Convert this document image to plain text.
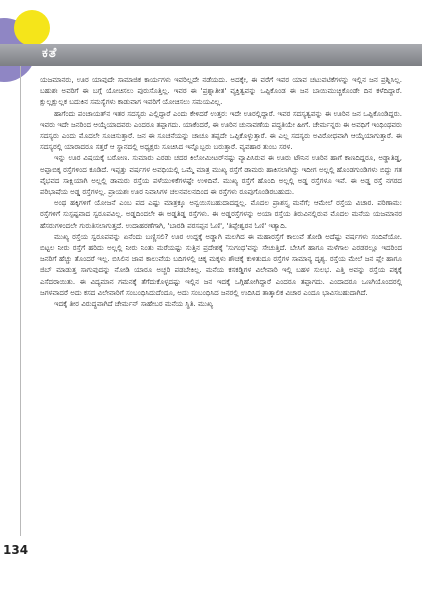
ಕತೆ

ಯಜಮಾನರು, ಊರ ಯಾವುದೇ ಸಾಮಾಜಿಕ ಕಾರ್ಯಗಳು ಇವರಿಲ್ಲದೇ ನಡೆಯದು. ಅದಕ್ಕೇ, ಈ ವರೆಗೆ ಇವರ ಯಾವ ಚಟುವಟಿಕೆಗಳನ್ನು ಇಲ್ಲಿನ ಜನ ಪ್ರಶ್ನಿಸಿಲ್ಲ. ಬಹುಶಃ ಅವರಿಗೆ ಈ ಬಗ್ಗೆ ಯೋಚಿಸಲು ಪುರುಸೊತ್ತಿಲ್ಲ. ಇವರ ಈ 'ಪ್ರಶ್ನಾತೀತ' ವ್ಯಕ್ತಿತ್ವವನ್ನು ಒಪ್ಪಿಕೊಂಡ ಈ ಜನ ಬಾಯಿಮುಚ್ಚಿಕೊಂಡೇ ದಿನ ಕಳೆದಿದ್ದಾರೆ. ಕ್ಷುಲ್ಲಕ್ಷುಲ್ಲಕ ಬದುಕಿನ ಸಮಸ್ಯೆಗಳು ಕಾಡುವಾಗ ಇವರಿಗೆ ಯೋಚಿಸಲು ಸಮಯವಿಲ್ಲ.

ಹಾಗೆಂದು ಪಂಚಾಯತ್‌ನ ಇತರ ಸದಸ್ಯರು ಎಲ್ಲಿದ್ದಾರೆ ಎಂದು ಕೇಳಿದರೆ ಉತ್ತರ: ಇದೇ ಊರಲ್ಲಿದ್ದಾರೆ. ಇವರ ಸದಸ್ಯತ್ವವನ್ನು ಈ ಊರಿನ ಜನ ಒಪ್ಪಿಕೊಂಡಿದ್ದರು. ಇವರು ಇದೇ ಜನರಿಂದ ಆಯ್ಕೆಯಾದವರು ಎಂದರೂ ತಪ್ಪಾಗದು. ಯಾಕೆಂದರೆ, ಈ ಊರಿನ ಚುನಾವಣೆಯ ಪದ್ಧತಿಯೇ ಹೀಗೆ. ಚೇರ್ಮನ್ನರು ಈ ಅವಧಿಗೆ ಇಂಥಿಂಥವರು ಸದಸ್ಯರು ಎಂದು ಮೊದಲೇ ಸೂಚಿಸುತ್ತಾರೆ. ಜನ ಈ ಸೂಚನೆಯನ್ನು ಚಾಚೂ ತಪ್ಪದೇ ಒಪ್ಪಿಕೊಳ್ಳುತ್ತಾರೆ. ಈ ಎಲ್ಲ ಸದಸ್ಯರು ಅವಿರೋಧವಾಗಿ ಆಯ್ಕೆಯಾಗುತ್ತಾರೆ. ಈ ಸದಸ್ಯರಲ್ಲಿ ಯಾರಾದರೂ ಸತ್ತರೆ ಆ ಸ್ಥಾನದಲ್ಲಿ ಅಧ್ಯಕ್ಷರು ಸೂಚಿಸಿದ ಇನ್ನೊಬ್ಬರು ಬರುತ್ತಾರೆ. ವ್ಯವಹಾರ ತುಂಬ ಸರಳ.

ಇನ್ನು ಊರ ವಿಷಯಕ್ಕೆ ಬರೋಣ. ಸುಮಾರು ಎರಡು ಚದರ ಕಿಲೋಮೀಟರ್‌ನಷ್ಟು ವ್ಯಾಪಿಸಿರುವ ಈ ಊರು ಟೌನಿನ ಊರಿನ ಹಾಗೆ ಕಾಣದಿದ್ದರೂ, ಅಡ್ಡಾತಿಡ್ಡ, ಅಪ್ಪಾಬಿಕ್ಕ ರಸ್ತೆಗಳಿಂದ ಕೂಡಿದೆ. ಇಪ್ಪತ್ತು ವರ್ಷಗಳ ಅವಧಿಯಲ್ಲಿ ಒಮ್ಮೆ ಮಾತ್ರ ಮುಖ್ಯ ರಸ್ತೆಗೆ ಡಾಮರು ಹಾಕಿಸಲಾಗಿದ್ದು ಇದೀಗ ಅಲ್ಲಲ್ಲಿ ಹೊಂಡಗುಂಡಿಗಳು ಬಿದ್ದು ಗತ ವೈಭವದ ಸಾಕ್ಷಿಯಾಗಿ ಅಲ್ಲಲ್ಲಿ ಡಾಮರು ರಸ್ತೆಯ ಪಳೆಯುಳಿಕೆಗಳಷ್ಟೇ ಉಳಿದಿವೆ. ಮುಖ್ಯ ರಸ್ತೆಗೆ ಹೊಂದಿ ಅಲ್ಲಲ್ಲಿ ಅಡ್ಡ ರಸ್ತೆಗಳೂ ಇವೆ. ಈ ಅಡ್ಡ ರಸ್ತೆ ನಗರದ ಪರಿಭಾಷೆಯ ಅಡ್ಡ ರಸ್ತೆಗಳಲ್ಲ. ಪ್ರಾಯಶಃ ಊರ ನಿವಾಸಿಗಳ ಚಲನವಲನದಿಂದ ಈ ರಸ್ತೆಗಳು ರೂಪುಗೊಂಡಿರಬಹುದು.

ಅಂಥ ಹಕ್ಕಿಗಳಿಗೆ ಯೋಜನೆ ಎಂಬ ಪದ ಎಷ್ಟು ಮಾತ್ರಕ್ಕೂ ಅನ್ವಯಿಸಬಹುದಾದದ್ದಲ್ಲ. ಮೊದಲ ಪ್ರಾಶಸ್ತ್ಯ ಮನೆಗೆ; ಆಮೇಲೆ ರಸ್ತೆಯ ವಿಚಾರ. ಪರಿಣಾಮ: ರಸ್ತೆಗಳಿಗೆ ಸುಸ್ಪಷ್ಟವಾದ ಸ್ವರೂಪವಿಲ್ಲ. ಅಡ್ಡದಿಂದಲೇ ಈ ಅಡ್ಡತಿಡ್ಡ ರಸ್ತೆಗಳು. ಈ ಅಡ್ಡರಸ್ತೆಗಳನ್ನು ಅಯಾ ರಸ್ತೆಯ ತಿರುವಿನಲ್ಲಿರುವ ಮೊದಲ ಮನೆಯ ಯಜಮಾನರ ಹೆಸರುಗಳಿಂದಲೇ ಗುರುತಿಸಲಾಗುತ್ತದೆ. ಉದಾಹರಣೆಗಾಗಿ, 'ಬಾರಡಿ ಪರಸಪ್ಪನ ಓಣಿ', 'ತಿಪ್ಪೇಶ್ವರನ ಓಣಿ' ಇತ್ಯಾದಿ.

ಮುಖ್ಯ ರಸ್ತೆಯ ಸ್ವರೂಪವನ್ನು ಏನೆಂದು ಬಣ್ಣಿಸಲಿ? ಊರ ಉದ್ದಕ್ಕೆ ಅಡ್ಡಾಗಿ ಮಲಗಿದ ಈ ಮಹಾರಸ್ತೆಗೆ ಕಾಲುವೆ ತೋಡಿ ಅದೆಷ್ಟು ವರ್ಷಗಳು ಸಂದಿವೆಯೋ. ಬಿಟ್ಟಲ ನೀರು ರಸ್ತೆಗೆ ಹರಿದು ಅಲ್ಲಲ್ಲಿ ನೀರು ನಿಂತು ಮರೆಯಷ್ಟು ಸುತ್ತಿನ ಪ್ರದೇಶಕ್ಕೆ 'ಸುಗಂಧ'ವನ್ನು ಸೇಚುತ್ತಿದೆ. ಬೇಸಿಗೆ ಹಾಗೂ ಮಳೆಗಾಲ ಎರಡರಲ್ಲೂ ಇದರಿಂದ ಜನರಿಗೆ ಹೆಚ್ಚು ತೊಂದರೆ ಇಲ್ಲ. ಬಿಸಿಲಿನ ಜಾವ ಕಾಲುವೆಯ ಬದಿಗಳಲ್ಲಿ ಚಿಕ್ಕ ಮಕ್ಕಳು ಶೌಚಕ್ಕೆ ಕುಳಿತುದೂ ರಸ್ತೆಗಳ ಸಾಮಾನ್ಯ ದೃಶ್ಯ. ರಸ್ತೆಯ ಮೇಲೆ ಜನ ಪ್ಲೇ ಹಾಗೂ ಜಿಬ್ ಮಾಡುತ್ತ ಸಾಗುವುದನ್ನು ನೋಡಿ ಯಾರೂ ಅಚ್ಚರಿ ಪಡಬೇಕಿಲ್ಲ. ಮನೆಯ ಕಸಕಡ್ಡಿಗಳ ವಿಲೇವಾರಿ ಇಲ್ಲಿ ಬಹಳ ಸುಲಭ. ಎತ್ತಿ ಅವನ್ನು ರಸ್ತೆಯ ಪಕ್ಕಕ್ಕೆ ಎಸೆದರಾಯಿತು. ಈ ವಿದ್ಯಮಾನ ಗಮನಕ್ಕೆ ತೆಗೆದುಕೊಳ್ಳದಷ್ಟು ಇಲ್ಲಿನ ಜನ ಇದಕ್ಕೆ ಒಗ್ಗಿಹೋಗಿದ್ದಾರೆ ಎಂದರೂ ತಪ್ಪಾಗದು. ಎಂದಾದರೂ ಒಣಗಿಯೊಂದರಲ್ಲಿ ಜಗಳವಾದರೆ ಅದು ಕಸದ ವಿಲೇವಾರಿಗೆ ಸಂಬಂಧಿಸಿದುದೆಂದೂ, ಅದು ಸಂಬಂಧಿಸಿದ ಜನರಲ್ಲಿ ಉದಿಸಿದ ತಾತ್ಕಾಲಿಕ ವಿಚಾರ ಎಂದೂ ಭಾವಿಸಬಹುದಾಗಿದೆ.

ಇದಕ್ಕೆ ತೀರ ವಿರುದ್ಧವಾಗಿದೆ ಚೇರ್ಮನ್ ಸಾಹೇಬರ ಮನೆಯ ಸ್ಥಿತಿ. ಮುಖ್ಯ

134
